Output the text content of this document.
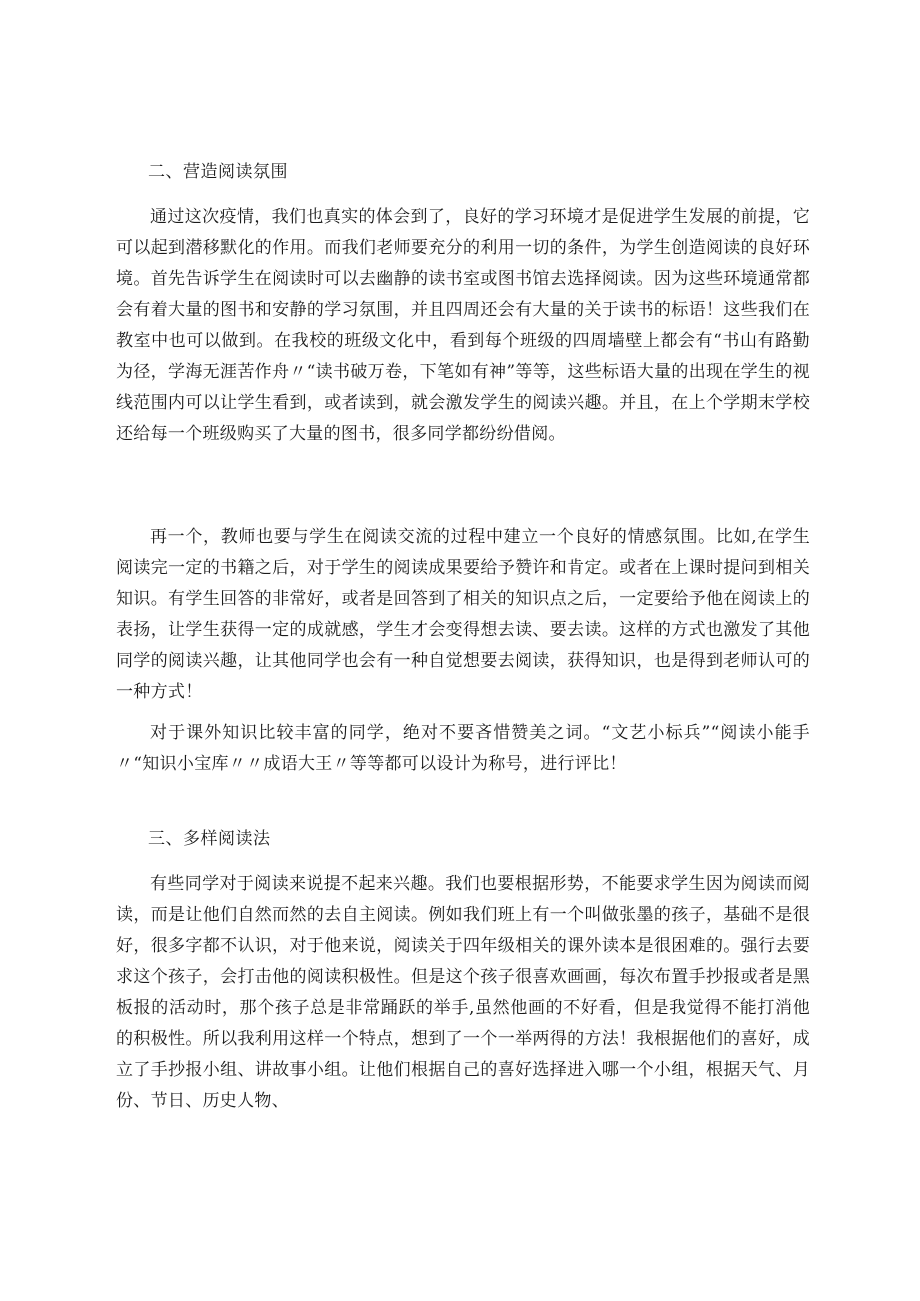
二、营造阅读氛围

通过这次疫情，我们也真实的体会到了，良好的学习环境才是促进学生发展的前提，它可以起到潜移默化的作用。而我们老师要充分的利用一切的条件，为学生创造阅读的良好环境。首先告诉学生在阅读时可以去幽静的读书室或图书馆去选择阅读。因为这些环境通常都会有着大量的图书和安静的学习氛围，并且四周还会有大量的关于读书的标语！这些我们在教室中也可以做到。在我校的班级文化中，看到每个班级的四周墙壁上都会有“书山有路勤为径，学海无涯苦作舟〃“读书破万卷，下笔如有神”等等，这些标语大量的出现在学生的视线范围内可以让学生看到，或者读到，就会激发学生的阅读兴趣。并且，在上个学期末学校还给每一个班级购买了大量的图书，很多同学都纷纷借阅。

再一个，教师也要与学生在阅读交流的过程中建立一个良好的情感氛围。比如,在学生阅读完一定的书籍之后，对于学生的阅读成果要给予赞许和肯定。或者在上课时提问到相关知识。有学生回答的非常好，或者是回答到了相关的知识点之后，一定要给予他在阅读上的表扬，让学生获得一定的成就感，学生才会变得想去读、要去读。这样的方式也激发了其他同学的阅读兴趣，让其他同学也会有一种自觉想要去阅读，获得知识，也是得到老师认可的一种方式！

对于课外知识比较丰富的同学，绝对不要吝惜赞美之词。“文艺小标兵”“阅读小能手〃“知识小宝库〃〃成语大王〃等等都可以设计为称号，进行评比！

三、多样阅读法

有些同学对于阅读来说提不起来兴趣。我们也要根据形势，不能要求学生因为阅读而阅读，而是让他们自然而然的去自主阅读。例如我们班上有一个叫做张墨的孩子，基础不是很好，很多字都不认识，对于他来说，阅读关于四年级相关的课外读本是很困难的。强行去要求这个孩子，会打击他的阅读积极性。但是这个孩子很喜欢画画，每次布置手抄报或者是黑板报的活动时，那个孩子总是非常踊跃的举手,虽然他画的不好看，但是我觉得不能打消他的积极性。所以我利用这样一个特点，想到了一个一举两得的方法！我根据他们的喜好，成立了手抄报小组、讲故事小组。让他们根据自己的喜好选择进入哪一个小组，根据天气、月份、节日、历史人物、
